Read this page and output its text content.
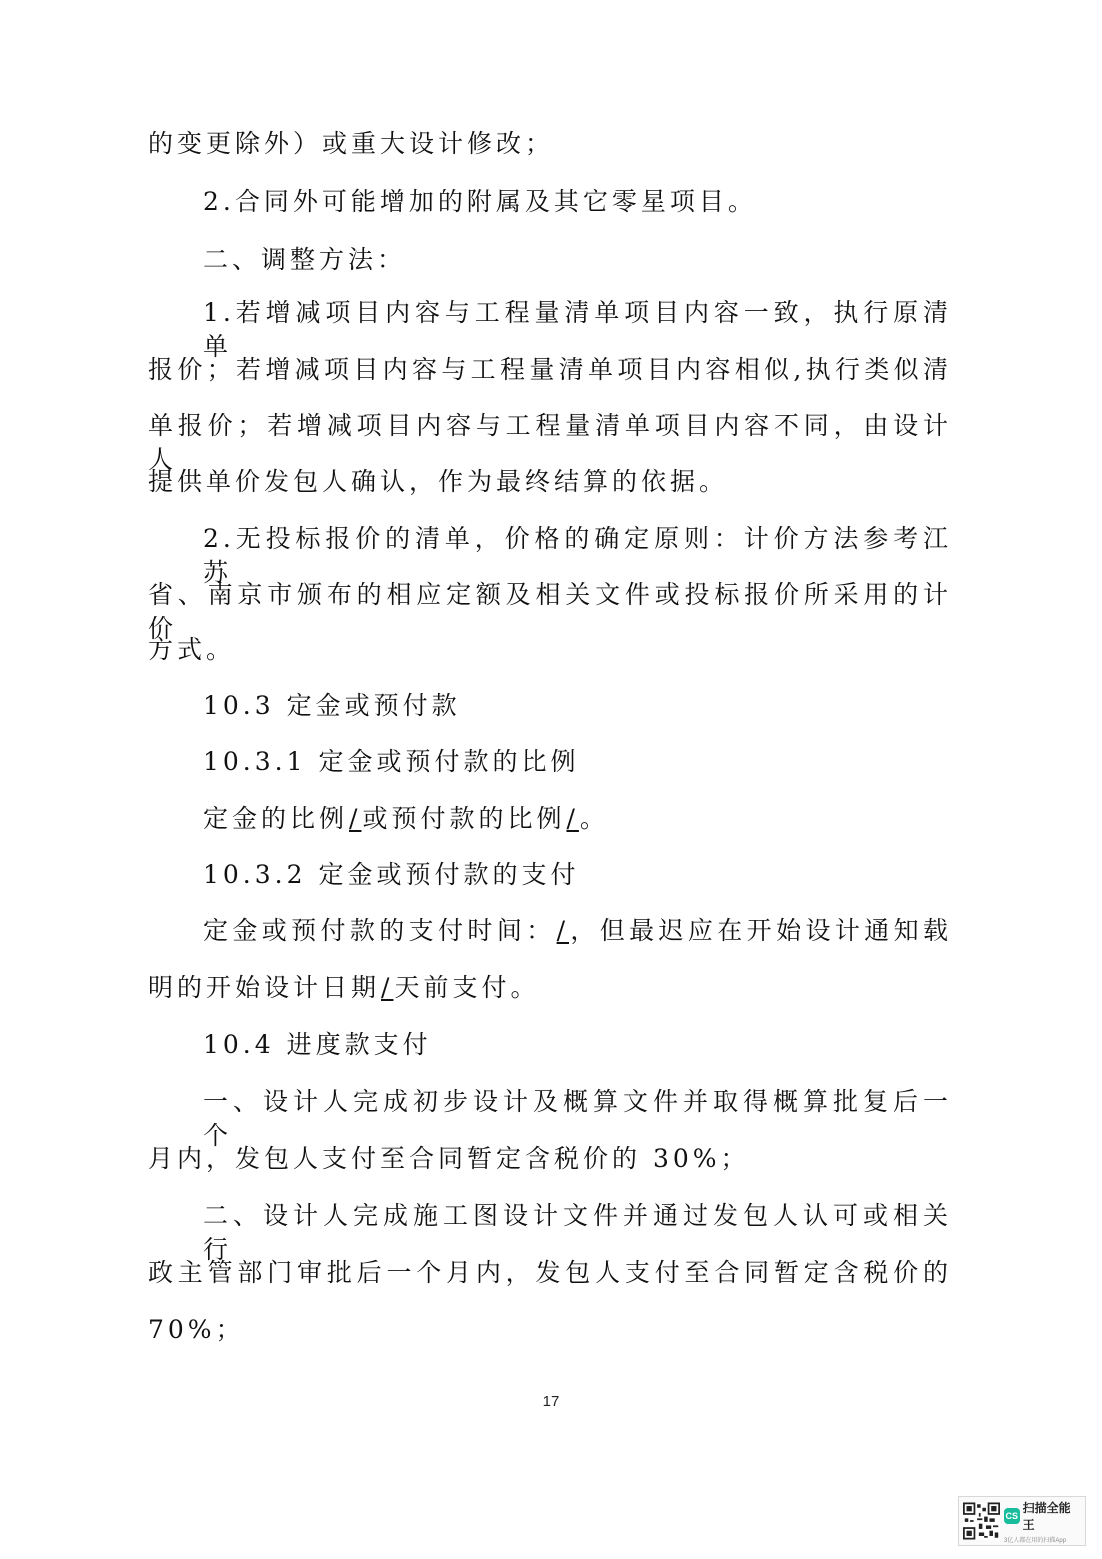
的变更除外）或重大设计修改；

2.合同外可能增加的附属及其它零星项目。

二、调整方法：

1.若增减项目内容与工程量清单项目内容一致，执行原清单

报价；若增减项目内容与工程量清单项目内容相似,执行类似清

单报价；若增减项目内容与工程量清单项目内容不同，由设计人

提供单价发包人确认，作为最终结算的依据。

2.无投标报价的清单，价格的确定原则：计价方法参考江苏

省、南京市颁布的相应定额及相关文件或投标报价所采用的计价

方式。

10.3 定金或预付款

10.3.1 定金或预付款的比例

定金的比例/或预付款的比例/。

10.3.2 定金或预付款的支付

定金或预付款的支付时间：/，但最迟应在开始设计通知载

明的开始设计日期/天前支付。

10.4 进度款支付

一、设计人完成初步设计及概算文件并取得概算批复后一个

月内，发包人支付至合同暂定含税价的 30%；

二、设计人完成施工图设计文件并通过发包人认可或相关行

政主管部门审批后一个月内，发包人支付至合同暂定含税价的

70%；

17
CS
扫描全能王
3亿人都在用的扫描App
